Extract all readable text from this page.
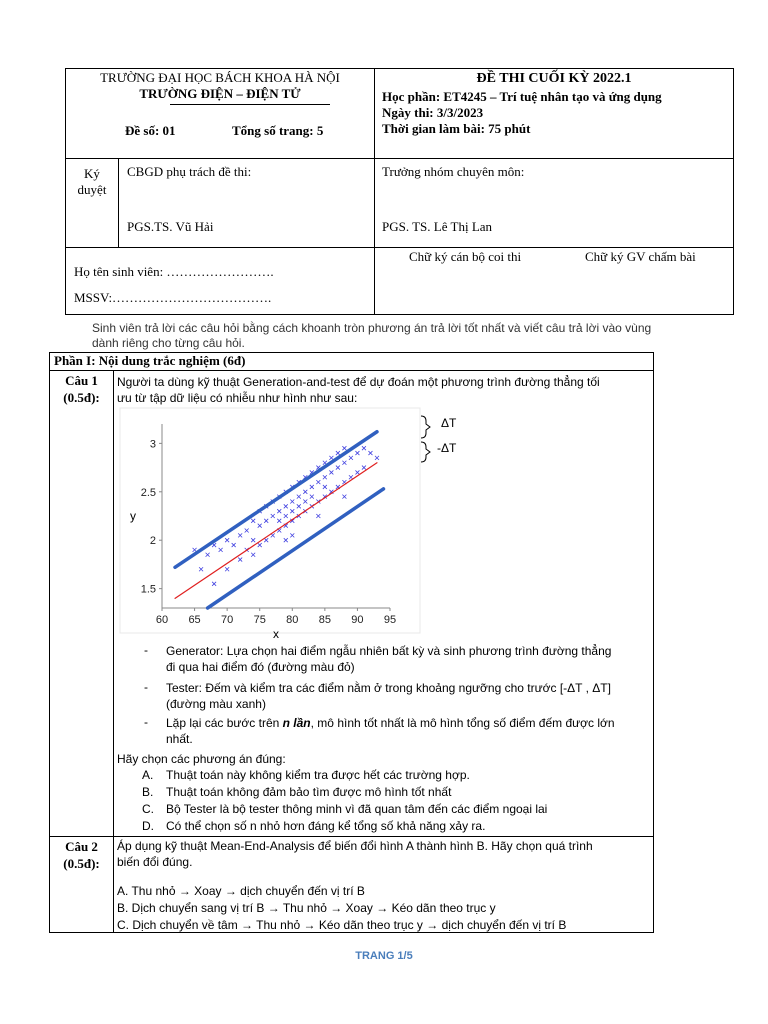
TRƯỜNG ĐẠI HỌC BÁCH KHOA HÀ NỘI
TRƯỜNG ĐIỆN – ĐIỆN TỬ
Đề số: 01	Tổng số trang: 5
ĐỀ THI CUỐI KỲ 2022.1
Học phần: ET4245 – Trí tuệ nhân tạo và ứng dụng
Ngày thi: 3/3/2023
Thời gian làm bài: 75 phút
Ký
duyệt
CBGD phụ trách đề thi:
PGS.TS. Vũ Hải
Trưởng nhóm chuyên môn:
PGS. TS. Lê Thị Lan
Họ tên sinh viên: …………………….
MSSV:……………………………….
Chữ ký cán bộ coi thi	Chữ ký GV chấm bài
Sinh viên trả lời các câu hỏi bằng cách khoanh tròn phương án trả lời tốt nhất và viết câu trả lời vào vùng
dành riêng cho từng câu hỏi.
Phần I: Nội dung trắc nghiệm (6đ)
Câu 1
(0.5đ):
Người ta dùng kỹ thuật Generation-and-test để dự đoán một phương trình đường thẳng tối
ưu từ tập dữ liệu có nhiễu như hình như sau:
60 65 70 75 80 85 90 95
1.5
2
2.5
3
x
y
ΔT
-ΔT
- Generator: Lựa chọn hai điểm ngẫu nhiên bất kỳ và sinh phương trình đường thẳng
đi qua hai điểm đó (đường màu đỏ)
- Tester: Đếm và kiểm tra các điểm nằm ở trong khoảng ngưỡng cho trước [-ΔT , ΔT]
(đường màu xanh)
- Lặp lại các bước trên n lần, mô hình tốt nhất là mô hình tổng số điểm đếm được lớn
nhất.
Hãy chọn các phương án đúng:
A. Thuật toán này không kiểm tra được hết các trường hợp.
B. Thuật toán không đảm bảo tìm được mô hình tốt nhất
C. Bộ Tester là bộ tester thông minh vì đã quan tâm đến các điểm ngoại lai
D. Có thể chọn số n nhỏ hơn đáng kể tổng số khả năng xảy ra.
Câu 2
(0.5đ):
Áp dụng kỹ thuật Mean-End-Analysis để biến đổi hình A thành hình B. Hãy chọn quá trình
biến đổi đúng.
A. Thu nhỏ → Xoay → dịch chuyển đến vị trí B
B. Dịch chuyển sang vị trí B → Thu nhỏ → Xoay → Kéo dãn theo trục y
C. Dịch chuyển về tâm → Thu nhỏ → Kéo dãn theo trục y → dịch chuyển đến vị trí B
TRANG 1/5
